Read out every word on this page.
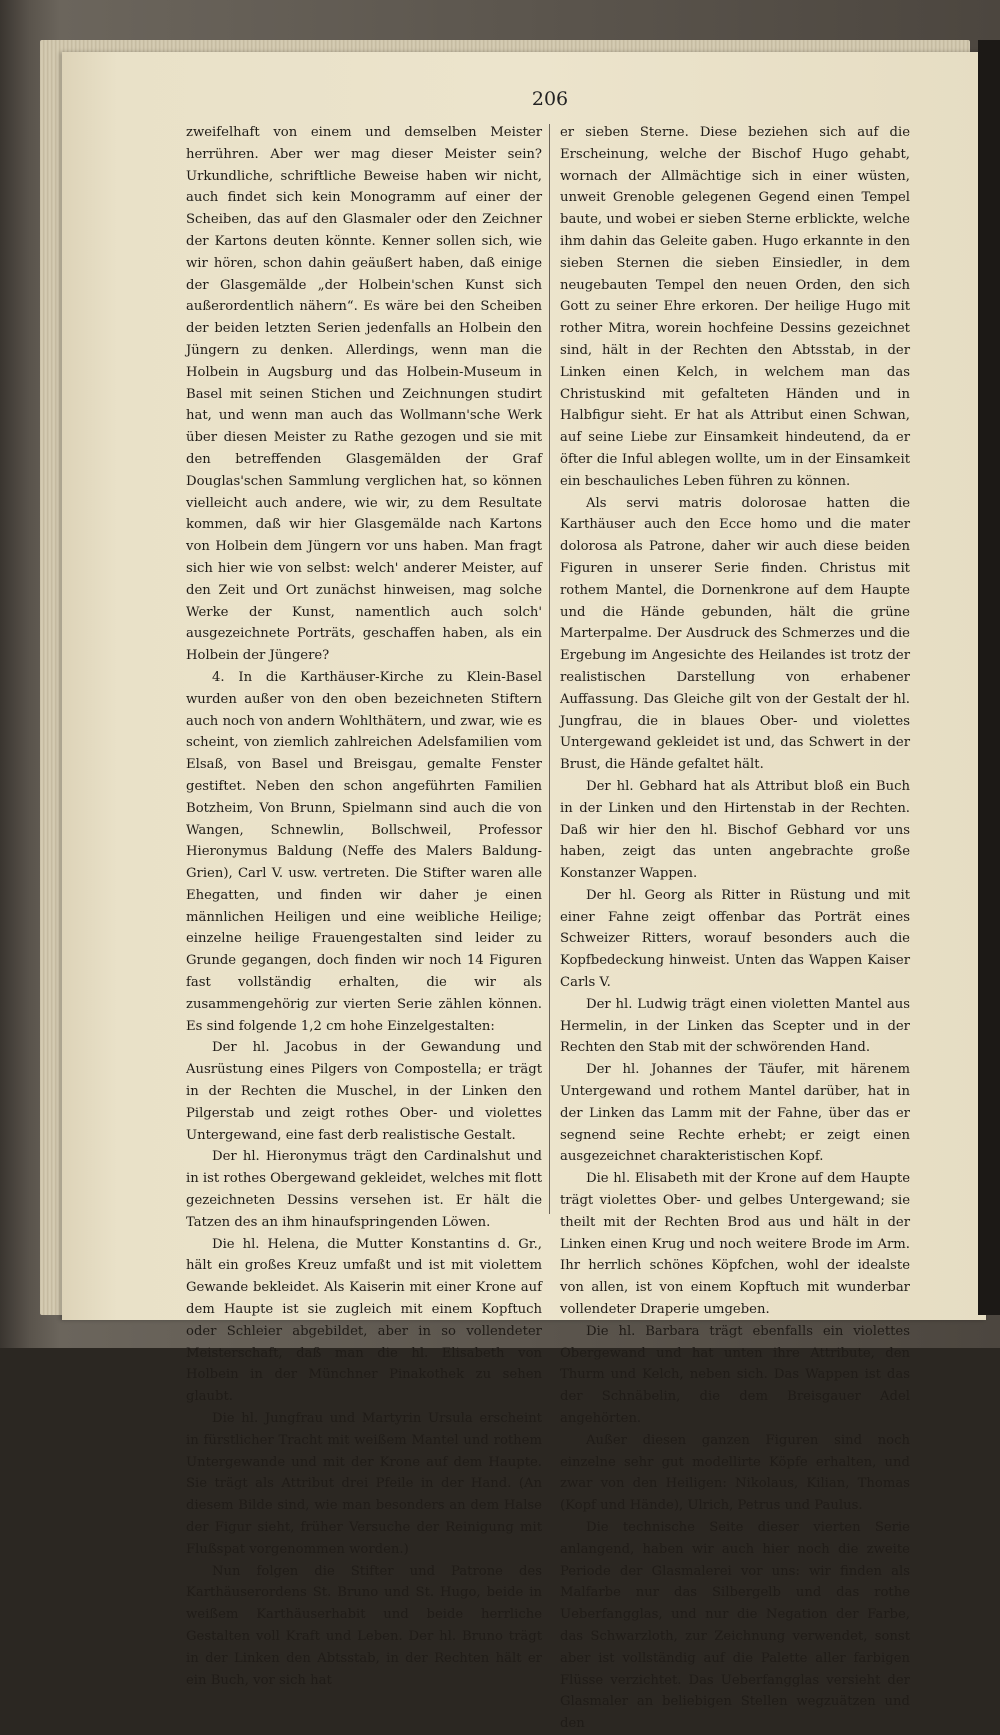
206

zweifelhaft von einem und demselben Meister herrühren. Aber wer mag dieser Meister sein? Urkundliche, schriftliche Beweise haben wir nicht, auch findet sich kein Monogramm auf einer der Scheiben, das auf den Glasmaler oder den Zeichner der Kartons deuten könnte. Kenner sollen sich, wie wir hören, schon dahin geäußert haben, daß einige der Glasgemälde „der Holbein'schen Kunst sich außerordentlich nähern“. Es wäre bei den Scheiben der beiden letzten Serien jedenfalls an Holbein den Jüngern zu denken. Allerdings, wenn man die Holbein in Augsburg und das Holbein-Museum in Basel mit seinen Stichen und Zeichnungen studirt hat, und wenn man auch das Wollmann'sche Werk über diesen Meister zu Rathe gezogen und sie mit den betreffenden Glasgemälden der Graf Douglas'schen Sammlung verglichen hat, so können vielleicht auch andere, wie wir, zu dem Resultate kommen, daß wir hier Glasgemälde nach Kartons von Holbein dem Jüngern vor uns haben. Man fragt sich hier wie von selbst: welch' anderer Meister, auf den Zeit und Ort zunächst hinweisen, mag solche Werke der Kunst, namentlich auch solch' ausgezeichnete Porträts, geschaffen haben, als ein Holbein der Jüngere?

4. In die Karthäuser-Kirche zu Klein-Basel wurden außer von den oben bezeichneten Stiftern auch noch von andern Wohlthätern, und zwar, wie es scheint, von ziemlich zahlreichen Adelsfamilien vom Elsaß, von Basel und Breisgau, gemalte Fenster gestiftet. Neben den schon angeführten Familien Botzheim, Von Brunn, Spielmann sind auch die von Wangen, Schnewlin, Bollschweil, Professor Hieronymus Baldung (Neffe des Malers Baldung-Grien), Carl V. usw. vertreten. Die Stifter waren alle Ehegatten, und finden wir daher je einen männlichen Heiligen und eine weibliche Heilige; einzelne heilige Frauengestalten sind leider zu Grunde gegangen, doch finden wir noch 14 Figuren fast vollständig erhalten, die wir als zusammengehörig zur vierten Serie zählen können. Es sind folgende 1,2 cm hohe Einzelgestalten:

Der hl. Jacobus in der Gewandung und Ausrüstung eines Pilgers von Compostella; er trägt in der Rechten die Muschel, in der Linken den Pilgerstab und zeigt rothes Ober- und violettes Untergewand, eine fast derb realistische Gestalt.

Der hl. Hieronymus trägt den Cardinalshut und in ist rothes Obergewand gekleidet, welches mit flott gezeichneten Dessins versehen ist. Er hält die Tatzen des an ihm hinaufspringenden Löwen.

Die hl. Helena, die Mutter Konstantins d. Gr., hält ein großes Kreuz umfaßt und ist mit violettem Gewande bekleidet. Als Kaiserin mit einer Krone auf dem Haupte ist sie zugleich mit einem Kopftuch oder Schleier abgebildet, aber in so vollendeter Meisterschaft, daß man die hl. Elisabeth von Holbein in der Münchner Pinakothek zu sehen glaubt.

Die hl. Jungfrau und Martyrin Ursula erscheint in fürstlicher Tracht mit weißem Mantel und rothem Untergewande und mit der Krone auf dem Haupte. Sie trägt als Attribut drei Pfeile in der Hand. (An diesem Bilde sind, wie man besonders an dem Halse der Figur sieht, früher Versuche der Reinigung mit Flußspat vorgenommen worden.)

Nun folgen die Stifter und Patrone des Karthäuserordens St. Bruno und St. Hugo, beide in weißem Karthäuserhabit und beide herrliche Gestalten voll Kraft und Leben. Der hl. Bruno trägt in der Linken den Abtsstab, in der Rechten hält er ein Buch, vor sich hat

er sieben Sterne. Diese beziehen sich auf die Erscheinung, welche der Bischof Hugo gehabt, wornach der Allmächtige sich in einer wüsten, unweit Grenoble gelegenen Gegend einen Tempel baute, und wobei er sieben Sterne erblickte, welche ihm dahin das Geleite gaben. Hugo erkannte in den sieben Sternen die sieben Einsiedler, in dem neugebauten Tempel den neuen Orden, den sich Gott zu seiner Ehre erkoren. Der heilige Hugo mit rother Mitra, worein hochfeine Dessins gezeichnet sind, hält in der Rechten den Abtsstab, in der Linken einen Kelch, in welchem man das Christuskind mit gefalteten Händen und in Halbfigur sieht. Er hat als Attribut einen Schwan, auf seine Liebe zur Einsamkeit hindeutend, da er öfter die Inful ablegen wollte, um in der Einsamkeit ein beschauliches Leben führen zu können.

Als servi matris dolorosae hatten die Karthäuser auch den Ecce homo und die mater dolorosa als Patrone, daher wir auch diese beiden Figuren in unserer Serie finden. Christus mit rothem Mantel, die Dornenkrone auf dem Haupte und die Hände gebunden, hält die grüne Marterpalme. Der Ausdruck des Schmerzes und die Ergebung im Angesichte des Heilandes ist trotz der realistischen Darstellung von erhabener Auffassung. Das Gleiche gilt von der Gestalt der hl. Jungfrau, die in blaues Ober- und violettes Untergewand gekleidet ist und, das Schwert in der Brust, die Hände gefaltet hält.

Der hl. Gebhard hat als Attribut bloß ein Buch in der Linken und den Hirtenstab in der Rechten. Daß wir hier den hl. Bischof Gebhard vor uns haben, zeigt das unten angebrachte große Konstanzer Wappen.

Der hl. Georg als Ritter in Rüstung und mit einer Fahne zeigt offenbar das Porträt eines Schweizer Ritters, worauf besonders auch die Kopfbedeckung hinweist. Unten das Wappen Kaiser Carls V.

Der hl. Ludwig trägt einen violetten Mantel aus Hermelin, in der Linken das Scepter und in der Rechten den Stab mit der schwörenden Hand.

Der hl. Johannes der Täufer, mit härenem Untergewand und rothem Mantel darüber, hat in der Linken das Lamm mit der Fahne, über das er segnend seine Rechte erhebt; er zeigt einen ausgezeichnet charakteristischen Kopf.

Die hl. Elisabeth mit der Krone auf dem Haupte trägt violettes Ober- und gelbes Untergewand; sie theilt mit der Rechten Brod aus und hält in der Linken einen Krug und noch weitere Brode im Arm. Ihr herrlich schönes Köpfchen, wohl der idealste von allen, ist von einem Kopftuch mit wunderbar vollendeter Draperie umgeben.

Die hl. Barbara trägt ebenfalls ein violettes Obergewand und hat unten ihre Attribute, den Thurm und Kelch, neben sich. Das Wappen ist das der Schnäbelin, die dem Breisgauer Adel angehörten.

Außer diesen ganzen Figuren sind noch einzelne sehr gut modellirte Köpfe erhalten, und zwar von den Heiligen: Nikolaus, Kilian, Thomas (Kopf und Hände), Ulrich, Petrus und Paulus.

Die technische Seite dieser vierten Serie anlangend, haben wir auch hier noch die zweite Periode der Glasmalerei vor uns: wir finden als Malfarbe nur das Silbergelb und das rothe Ueberfangglas, und nur die Negation der Farbe, das Schwarzloth, zur Zeichnung verwendet, sonst aber ist vollständig auf die Palette aller farbigen Flüsse verzichtet. Das Ueberfangglas versieht der Glasmaler an beliebigen Stellen wegzuätzen und den
